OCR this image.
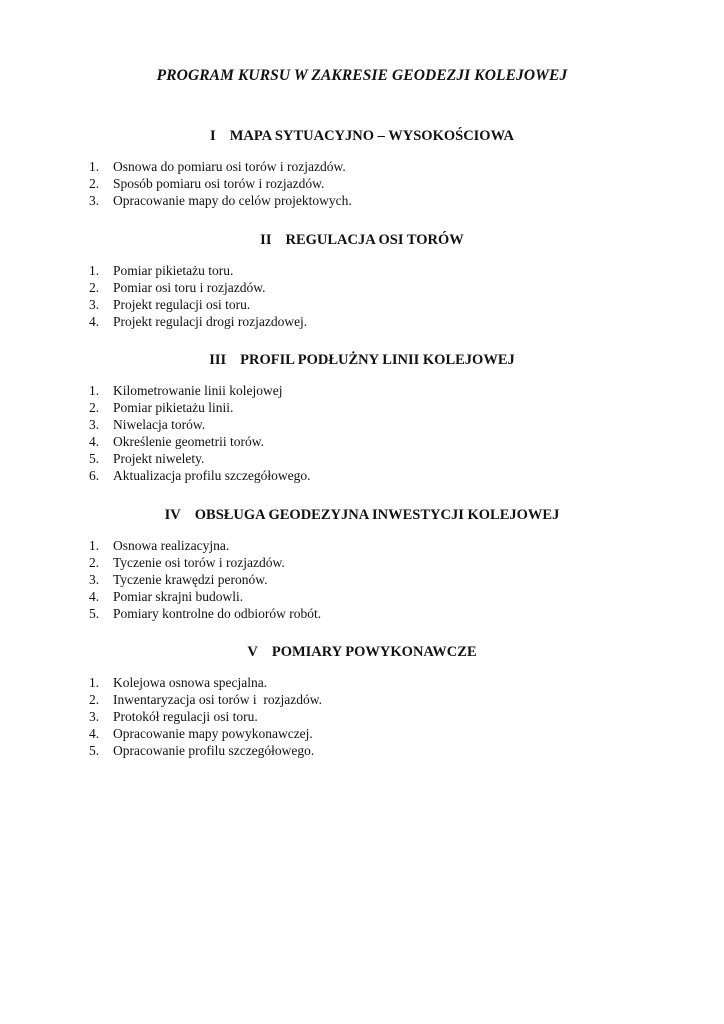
PROGRAM KURSU W ZAKRESIE GEODEZJI KOLEJOWEJ
I MAPA SYTUACYJNO – WYSOKOŚCIOWA
1.	Osnowa do pomiaru osi torów i rozjazdów.
2.	Sposób pomiaru osi torów i rozjazdów.
3.	Opracowanie mapy do celów projektowych.
II REGULACJA OSI TORÓW
1.	Pomiar pikietażu toru.
2.	Pomiar osi toru i rozjazdów.
3.	Projekt regulacji osi toru.
4.	Projekt regulacji drogi rozjazdowej.
III PROFIL PODŁUŻNY LINII KOLEJOWEJ
1.	Kilometrowanie linii kolejowej
2.	Pomiar pikietażu linii.
3.	Niwelacja torów.
4.	Określenie geometrii torów.
5.	Projekt niwelety.
6.	Aktualizacja profilu szczegółowego.
IV OBSŁUGA GEODEZYJNA INWESTYCJI KOLEJOWEJ
1.	Osnowa realizacyjna.
2.	Tyczenie osi torów i rozjazdów.
3.	Tyczenie krawędzi peronów.
4.	Pomiar skrajni budowli.
5.	Pomiary kontrolne do odbiorów robót.
V POMIARY POWYKONAWCZE
1.	Kolejowa osnowa specjalna.
2.	Inwentaryzacja osi torów i  rozjazdów.
3.	Protokół regulacji osi toru.
4.	Opracowanie mapy powykonawczej.
5.	Opracowanie profilu szczegółowego.
